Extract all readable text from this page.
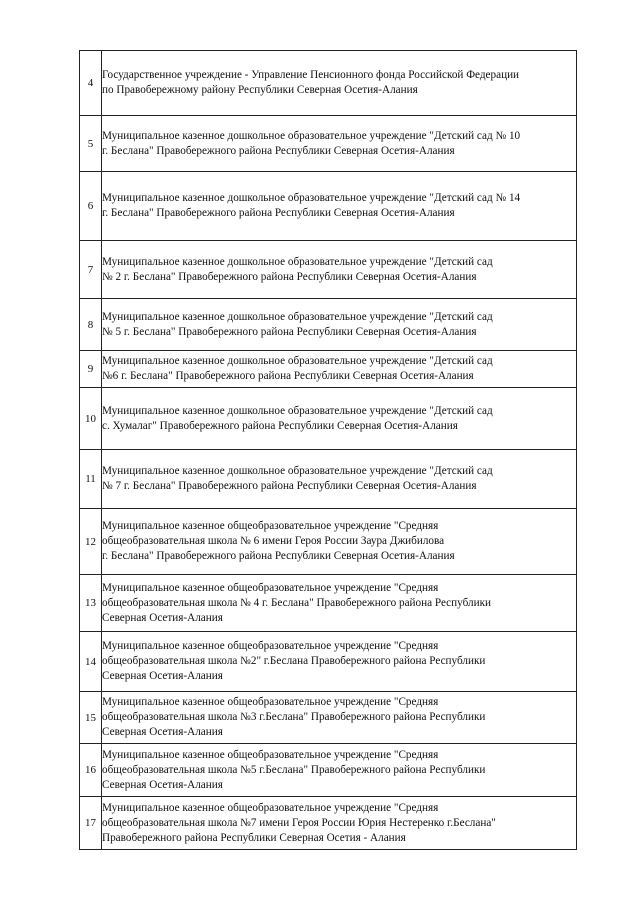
4	Государственное учреждение - Управление Пенсионного фонда Российской Федерации
по Правобережному району Республики Северная Осетия-Алания

5	Муниципальное казенное дошкольное образовательное учреждение "Детский сад № 10
г. Беслана" Правобережного района Республики Северная Осетия-Алания

6	Муниципальное казенное дошкольное образовательное учреждение "Детский сад № 14
г. Беслана" Правобережного района Республики Северная Осетия-Алания

7	Муниципальное казенное дошкольное образовательное учреждение "Детский сад
№ 2 г. Беслана" Правобережного района Республики Северная Осетия-Алания

8	Муниципальное казенное дошкольное образовательное учреждение "Детский сад
№ 5 г. Беслана" Правобережного района Республики Северная Осетия-Алания

9	Муниципальное казенное дошкольное образовательное учреждение "Детский сад
№6 г. Беслана" Правобережного района Республики Северная Осетия-Алания

10	Муниципальное казенное дошкольное образовательное учреждение "Детский сад
с. Хумалаг" Правобережного района Республики Северная Осетия-Алания

11	Муниципальное казенное дошкольное образовательное учреждение "Детский сад
№ 7 г. Беслана" Правобережного района Республики Северная Осетия-Алания

12	Муниципальное казенное общеобразовательное учреждение "Средняя
общеобразовательная школа № 6 имени Героя России Заура Джибилова
г. Беслана" Правобережного района Республики Северная Осетия-Алания

13	Муниципальное казенное общеобразовательное учреждение "Средняя
общеобразовательная школа № 4 г. Беслана" Правобережного района Республики
Северная Осетия-Алания

14	Муниципальное казенное общеобразовательное учреждение "Средняя
общеобразовательная школа №2" г.Беслана Правобережного района Республики
Северная Осетия-Алания

15	Муниципальное казенное общеобразовательное учреждение "Средняя
общеобразовательная школа №3 г.Беслана" Правобережного района Республики
Северная Осетия-Алания

16	Муниципальное казенное общеобразовательное учреждение "Средняя
общеобразовательная школа №5 г.Беслана" Правобережного района Республики
Северная Осетия-Алания

17	Муниципальное казенное общеобразовательное учреждение "Средняя
общеобразовательная школа №7 имени Героя России Юрия Нестеренко г.Беслана"
Правобережного района Республики Северная Осетия - Алания
